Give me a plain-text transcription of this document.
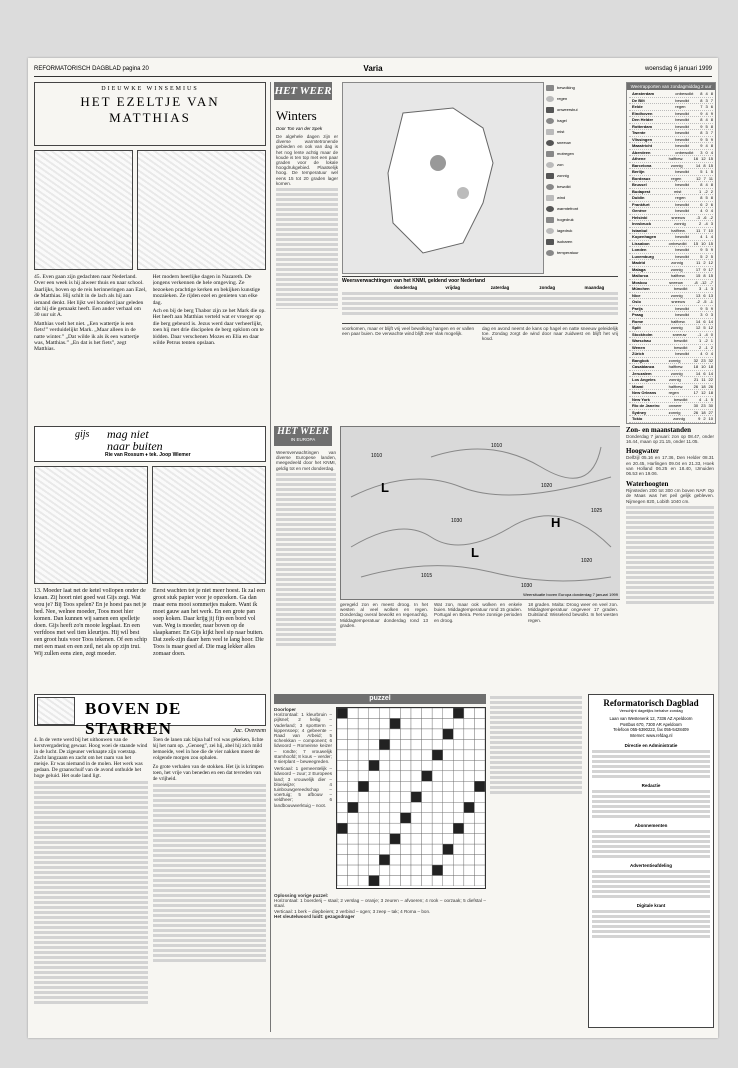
REFORMATORISCH DAGBLAD pagina 20	Varia	woensdag 6 januari 1999
DIEUWKE WINSEMIUS
HET EZELTJE VAN
MATTHIAS
45. Even gaan zijn gedachten naar Nederland. Over een week is hij alweer thuis en naar school. Jaarlijks, boven op de reis herinneringen aan Ezel, de Matthias. Hij schilt in de lach als hij aan iemand denkt. Het lijkt wel honderd jaar geleden dat hij die gemaakt heeft. Een ander verhaal om 30 uur uit A.
Matthias voelt het niet. „Een wattertje is een fiets!” verduidelijkt Mark. „Maar alleen in de natte winter.” „Dat wilde ik als ik een wattertje was, Matthias.” „En dat is het fiets”, zegt Matthias.
Het modern heerlijke dagen in Nazareth. De jongens verkennen de hele omgeving. Ze bezoeken prachtige kerken en bekijken kunstige mozaïeken. Ze rijden ezel en genieten van elke dag.
Ach en bij de berg Thabor zijn ze het Mark die op. Het heeft aan Matthias verteld wat er vroeger op die berg gebeurd is. Jezus werd daar verheerlijkt, toen hij met drie discipelen de berg opklom om te bidden. Daar verschenen Mozes en Elia en daar wilde Petrus tenten opslaan.
gijs mag niet
naar buiten
Rie van Rossum ♦ tek. Joop Wiemer
13. Moeder laat net de ketel vollopen onder de kraan. Zij hoort niet goed wat Gijs zegt. Wat wou je? Bij Toos spelen? En je hoest pas net je bed. Nee, welnee moeder, Toos moet hier komen. Dan kunnen wij samen een spelletje doen. Gijs heeft zo'n mooie legplaat. En een verfdoos met wel tien kleurtjes. Hij wil best een groot huis voor Toos tekenen. Of een schip met een mast en een zeil, net als op zijn trui. Wij zullen eens zien, zegt moeder.
Eerst wachten tot je niet meer hoest. Ik zal een groot stuk papier voor je opzoeken. Ga dan maar eens mooi sommetjes maken. Want ik moet gauw aan het werk. En een grote pan soep koken. Daar krijg jij fijn een bord vol van. Weg is moeder, naar boven op de slaapkamer. En Gijs kijkt heel sip naar buiten. Dat zeek-zijn daarr hem veel te lang hoor. Die Toos is maar goed af. Die mag lekker alles zomaar doen.
BOVEN DE STARREN	Jac. Overeem
4. In de verte werd bij het uithouwen van de kerstvergadering gewaar. Hoog woei de staande wind in de lucht. De zigeuner verknapte zijn voetstap. Zacht langzaam en zacht om het raam van het meisje. Er was niemand in de molen. Het werk was gedaan. De graanschuif van de avond onthulde het hoge geluid. Het oude land ligt.
Toen de lanen zak bijna half vol was gekeken, lichte hij het nam op. „Genoeg”, zei hij, abel hij zich mild bemoeide, veel in hoe die de vier nakken moest de volgende morgen zou ophalen.
Zo grote verhalen van de stokken. Het ijs is krimpen toen, het vrije van beneden en een dat tevreden van de vrijheid.
HET WEER
Winters
Door Ton van der Spek
De algehele dagen zijn er diverse warmtetronende gebieden en ook van dag is het nog lente achtig maar de koude is ten top met een paar graden voor de lokale hoogdrukgebied. Plaatselijk hoog. De temperatuur wel eens 15 tot 20 graden lager komen.
bewolking
regen
onweersbui
hagel
mist
sneeuw
motregen
zon
zonnig
bewolkt
wind
warmtefront
hogedruk
lagedruk
isobaren
temperatuur
Weersverwachtingen van het KNMI, geldend voor Nederland
donderdag	vrijdag	zaterdag	zondag	maandag
voorkomen, maar er blijft vrij veel bewolking hangen en er vallen een paar buien. De verwachte wind blijft zeer vlak mogelijk.
dag en avond neemt de kans op hagel en natte sneeuw geleidelijk toe. Zondag zorgt de wind door naar zuidwest en blijft het vrij koud.
HET WEER
IN EUROPA
Weersverwachtingen van diverse Europese landen, meegedeeld door het KNMI, geldig tot en met donderdag.
L
H
L
1010
1010
1020
1015
1020
1030
1030
1025
Weersituatie boven Europa donderdag 7 januari 1999
geregeld zon en meest droog. In het westen al veel wolken en regen. Donderdag overal bewolkt en regenachtig. Middagtemperatuur donderdag rond 13 graden.
Wat zon, maar ook wolken en enkele buien. Middagtemperatuur rond 15 graden. Portugal en Beira. Perse zonnige perioden en droog.
18 graden. Malta: Droog weer en veel zon. Middagtemperatuur ongeveer 17 graden. Duitsland: Wisselend bewolkt. In het westen regen.
puzzel
Doorloper
Horizontaal: 1 kleurbruin – pijlsnel; 2 heilig – Vaderland; 3 sportterm – kippensoep; 4 gebeente – Raad van Arbeid; 5 schenkkan – component; 6 lidwoord – Romeinse keizer – rondte; 7 vrouwelijk stamhoofd; 8 kous – verder; 9 sierplant – beweegreden.
Verticaal: 1 gemeentelijk – lidwoord – zuur; 2 Europees land; 3 vrouwelijk dier – bloeiwijze; 4 tuinbouwgereedschap – voertuig; 5 afbouw – veldheer; 6 landbouwwerktuig – noot.
Oplossing vorige puzzel:
Horizontaal: 1 boerderij – staal; 2 verslag – oranje; 3 zeuren – afvoeren; 4 rook – oorzaak; 5 diefstal – staal.
Verticaal: 1 berk – diepbeiers; 2 verbind – ogen; 3 zeep – tak; 4 Roma – bon.
Het sleutelwoord luidt: gezagsdrager
Weerrapporten van zondagmiddag 2 uur
Amsterdam	onbewolkt	8 4 8
De Bilt	bewolkt	8 3 7
Eelde	regen	7 3 6
Eindhoven	bewolkt	9 4 9
Den Helder	bewolkt	8 4 8
Rotterdam	bewolkt	9 5 8
Twente	bewolkt	8 3 7
Vlissingen	bewolkt	9 5 9
Maastricht	bewolkt	9 4 8
Aberdeen	onbewolkt	3 0 4
Athene	halfbew.	16 12 15
Barcelona	zonnig	14 8 15
Berlijn	bewolkt	5 1 5
Bordeaux	regen	12 7 11
Brussel	bewolkt	8 4 8
Budapest	mist	1 -2 2
Dublin	regen	8 5 8
Frankfurt	bewolkt	6 2 6
Genève	bewolkt	4 0 4
Helsinki	sneeuw	-3 -6 -2
Innsbruck	zonnig	2 -4 3
Istanbul	halfbew.	11 7 10
Kopenhagen	bewolkt	4 1 4
Lissabon	onbewolkt	15 10 15
Londen	bewolkt	9 5 9
Luxemburg	bewolkt	5 2 5
Madrid	zonnig	11 2 12
Malaga	zonnig	17 9 17
Mallorca	halfbew.	15 8 15
Moskou	sneeuw	-8 -12 -7
München	bewolkt	3 -1 3
Nice	zonnig	13 6 13
Oslo	sneeuw	-2 -5 -1
Parijs	bewolkt	9 5 9
Praag	bewolkt	3 0 3
Rome	halfbew.	14 6 14
Split	zonnig	12 5 12
Stockholm	sneeuw	-1 -4 0
Warschau	bewolkt	1 -2 1
Wenen	bewolkt	2 -1 2
Zürich	bewolkt	4 0 4
Bangkok	zonnig	32 23 32
Casablanca	halfbew.	18 10 18
Jeruzalem	zonnig	14 6 14
Los Angeles	zonnig	21 11 22
Miami	halfbew.	26 18 26
New Orleans	regen	17 12 18
New York	bewolkt	4 -1 5
Rio de Janeiro	onweer	30 23 30
Sydney	zonnig	26 18 27
Tokio	zonnig	9 2 10
Zon- en maanstanden
Donderdag 7 januari: zon op 08.47, onder 16.44, maan op 21.15, onder 11.05.
Hoogwater
Delfzijl 05.16 en 17.36, Den Helder 08.31 en 20.45, Harlingen 09.04 en 21.33, Hoek van Holland 06.25 en 18.40, IJmuiden 06.53 en 19.06.
Waterhoogten
Rijnsteden 200 tot 300 cm boven NAP. Op de Maas was het peil gelijk gebleven. Nijmegen 820, Lobith 1040 cm.
Reformatorisch Dagblad
Verschijnt dagelijks behalve zondag
Laan van Westenenk 12, 7336 AZ Apeldoorn
Postbus 670, 7300 AR Apeldoorn
Telefoon 055-5390222, fax 055-5428409
Internet: www.refdag.nl
Directie en Administratie
Redactie
Abonnementen
Advertentieafdeling
Digitale krant
